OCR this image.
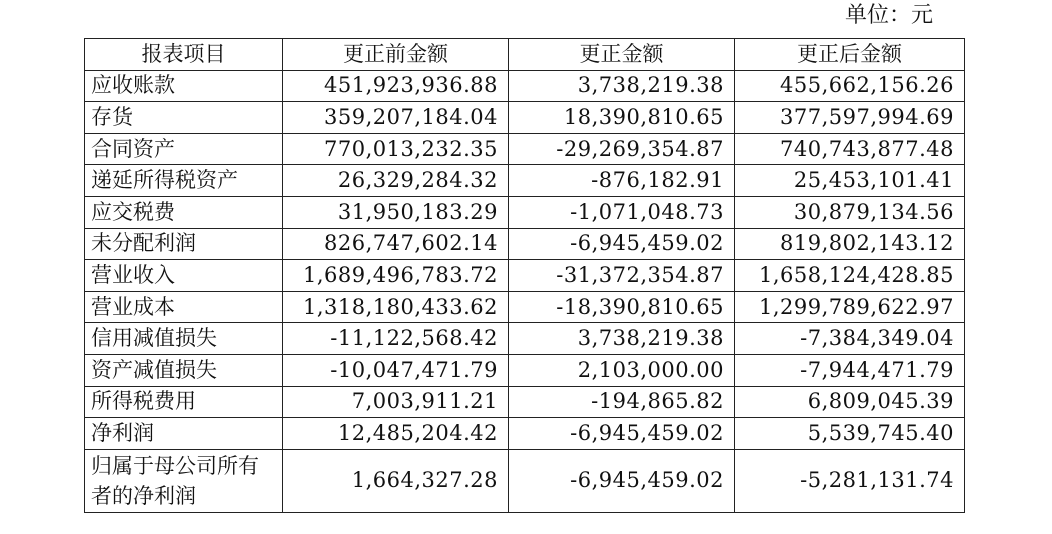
单位：元
报表项目	更正前金额	更正金额	更正后金额
应收账款	451,923,936.88	3,738,219.38	455,662,156.26
存货	359,207,184.04	18,390,810.65	377,597,994.69
合同资产	770,013,232.35	-29,269,354.87	740,743,877.48
递延所得税资产	26,329,284.32	-876,182.91	25,453,101.41
应交税费	31,950,183.29	-1,071,048.73	30,879,134.56
未分配利润	826,747,602.14	-6,945,459.02	819,802,143.12
营业收入	1,689,496,783.72	-31,372,354.87	1,658,124,428.85
营业成本	1,318,180,433.62	-18,390,810.65	1,299,789,622.97
信用减值损失	-11,122,568.42	3,738,219.38	-7,384,349.04
资产减值损失	-10,047,471.79	2,103,000.00	-7,944,471.79
所得税费用	7,003,911.21	-194,865.82	6,809,045.39
净利润	12,485,204.42	-6,945,459.02	5,539,745.40
归属于母公司所有者的净利润	1,664,327.28	-6,945,459.02	-5,281,131.74
